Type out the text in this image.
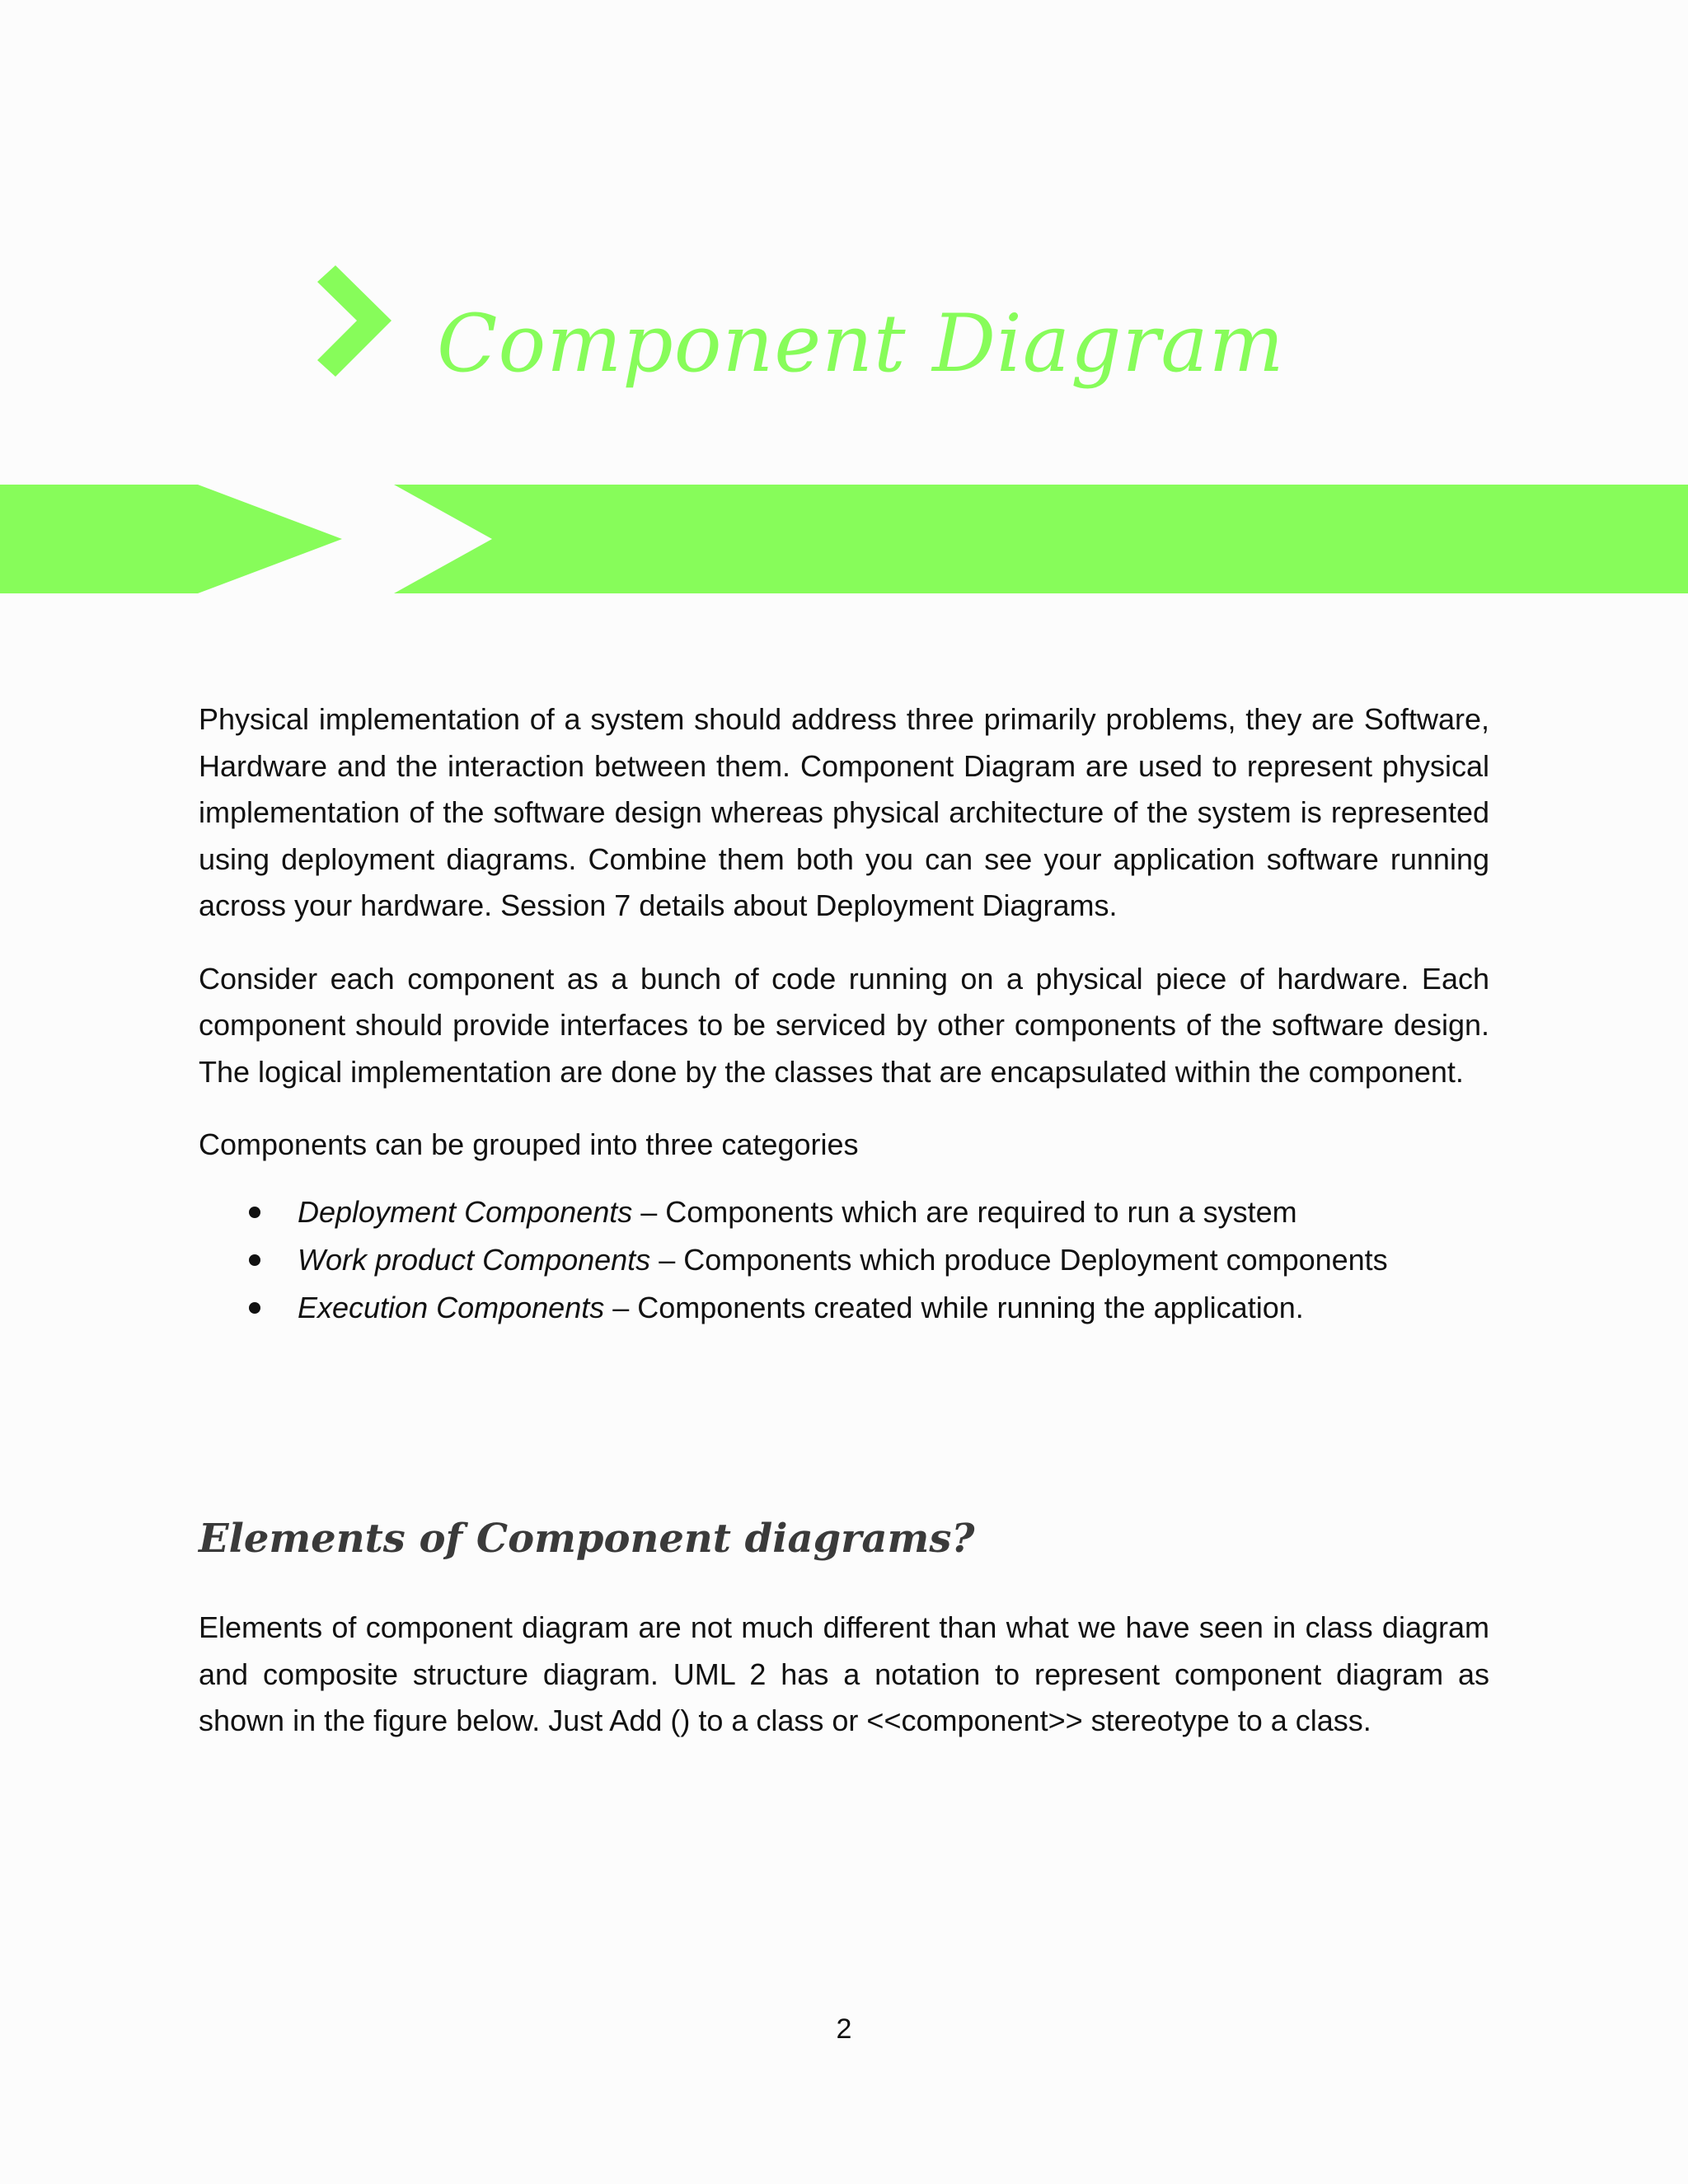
Component Diagram

Physical implementation of a system should address three primarily problems, they are Software, Hardware and the interaction between them. Component Diagram are used to represent physical implementation of the software design whereas physical architecture of the system is represented using deployment diagrams. Combine them both you can see your application software running across your hardware. Session 7 details about Deployment Diagrams.

Consider each component as a bunch of code running on a physical piece of hardware. Each component should provide interfaces to be serviced by other components of the software design. The logical implementation are done by the classes that are encapsulated within the component.

Components can be grouped into three categories

Deployment Components – Components which are required to run a system
Work product Components – Components which produce Deployment components
Execution Components – Components created while running the application.
Elements of Component diagrams?

Elements of component diagram are not much different than what we have seen in class diagram and composite structure diagram. UML 2 has a notation to represent component diagram as shown in the figure below. Just Add () to a class or <<component>> stereotype to a class.

2
